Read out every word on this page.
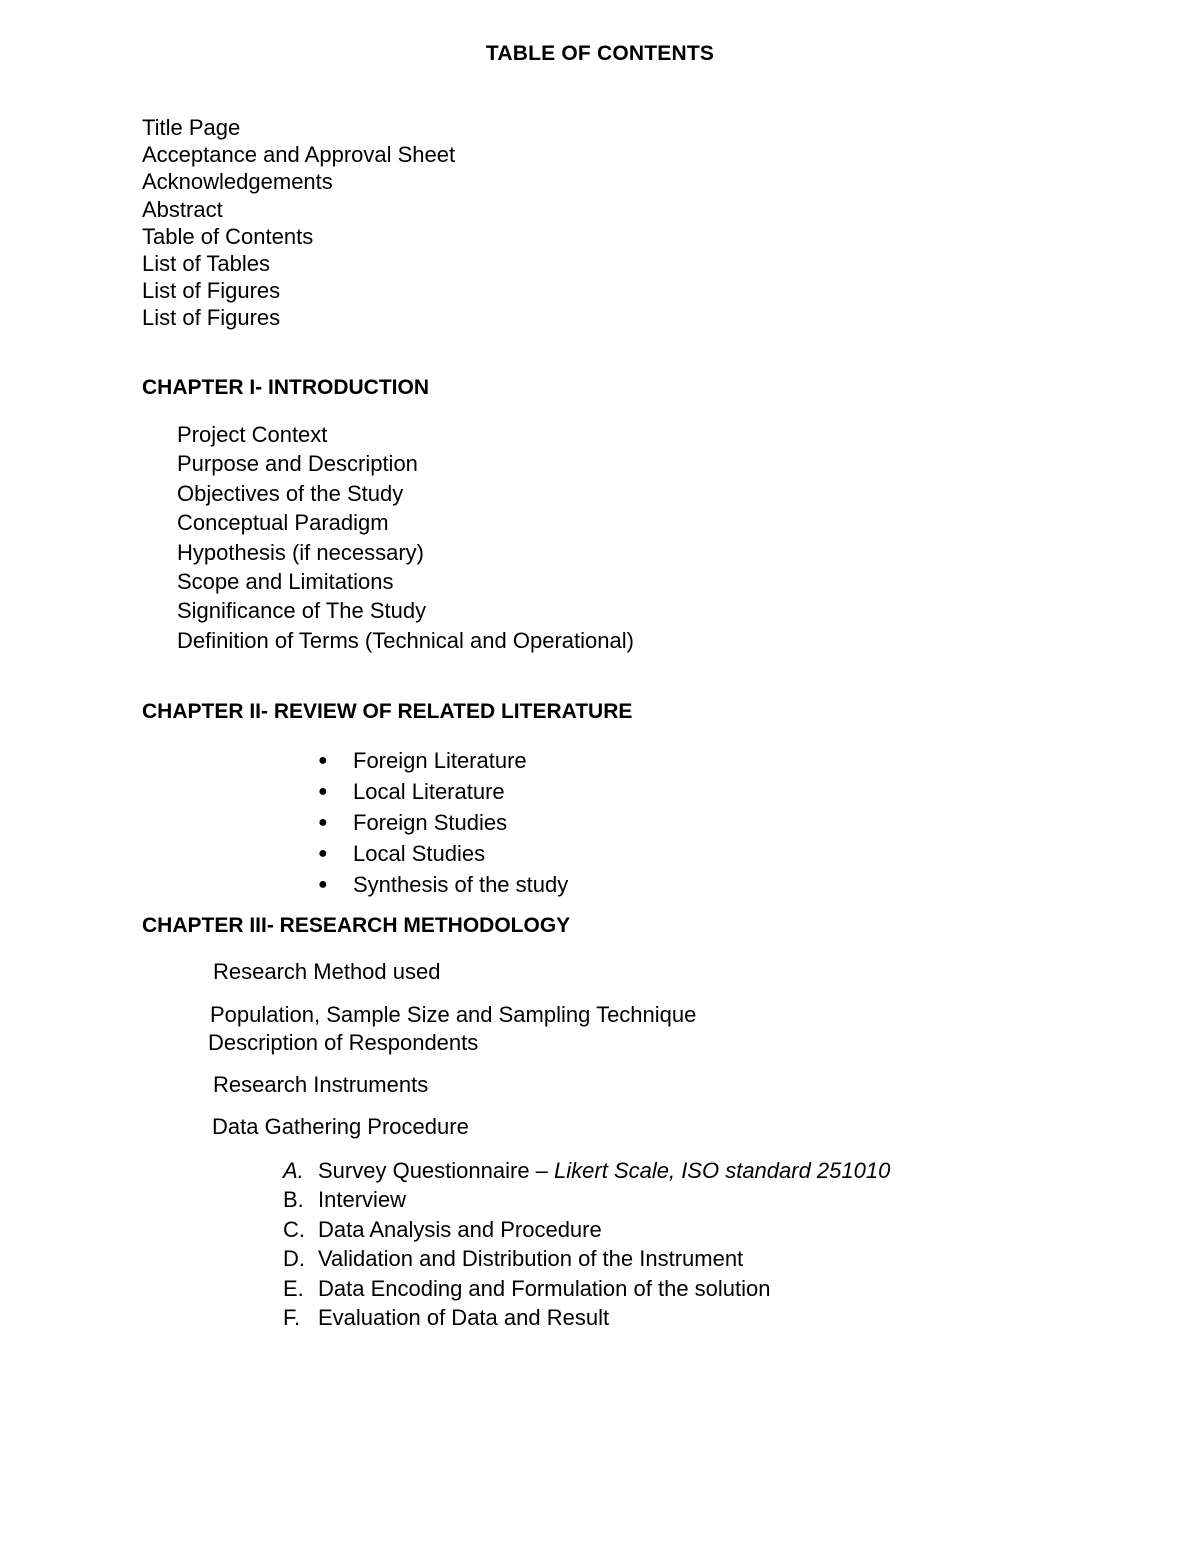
TABLE OF CONTENTS
Title Page
Acceptance and Approval Sheet
Acknowledgements
Abstract
Table of Contents
List of Tables
List of Figures
List of Figures
CHAPTER I- INTRODUCTION
Project Context
Purpose and Description
Objectives of the Study
Conceptual Paradigm
Hypothesis (if necessary)
Scope and Limitations
Significance of The Study
Definition of Terms (Technical and Operational)
CHAPTER II- REVIEW OF RELATED LITERATURE
●	Foreign Literature
●	Local Literature
●	Foreign Studies
●	Local Studies
●	Synthesis of the study
CHAPTER III- RESEARCH METHODOLOGY
Research Method used
Population, Sample Size and Sampling Technique
Description of Respondents
Research Instruments
Data Gathering Procedure
A. Survey Questionnaire – Likert Scale, ISO standard 251010
B. Interview
C. Data Analysis and Procedure
D. Validation and Distribution of the Instrument
E. Data Encoding and Formulation of the solution
F. Evaluation of Data and Result
